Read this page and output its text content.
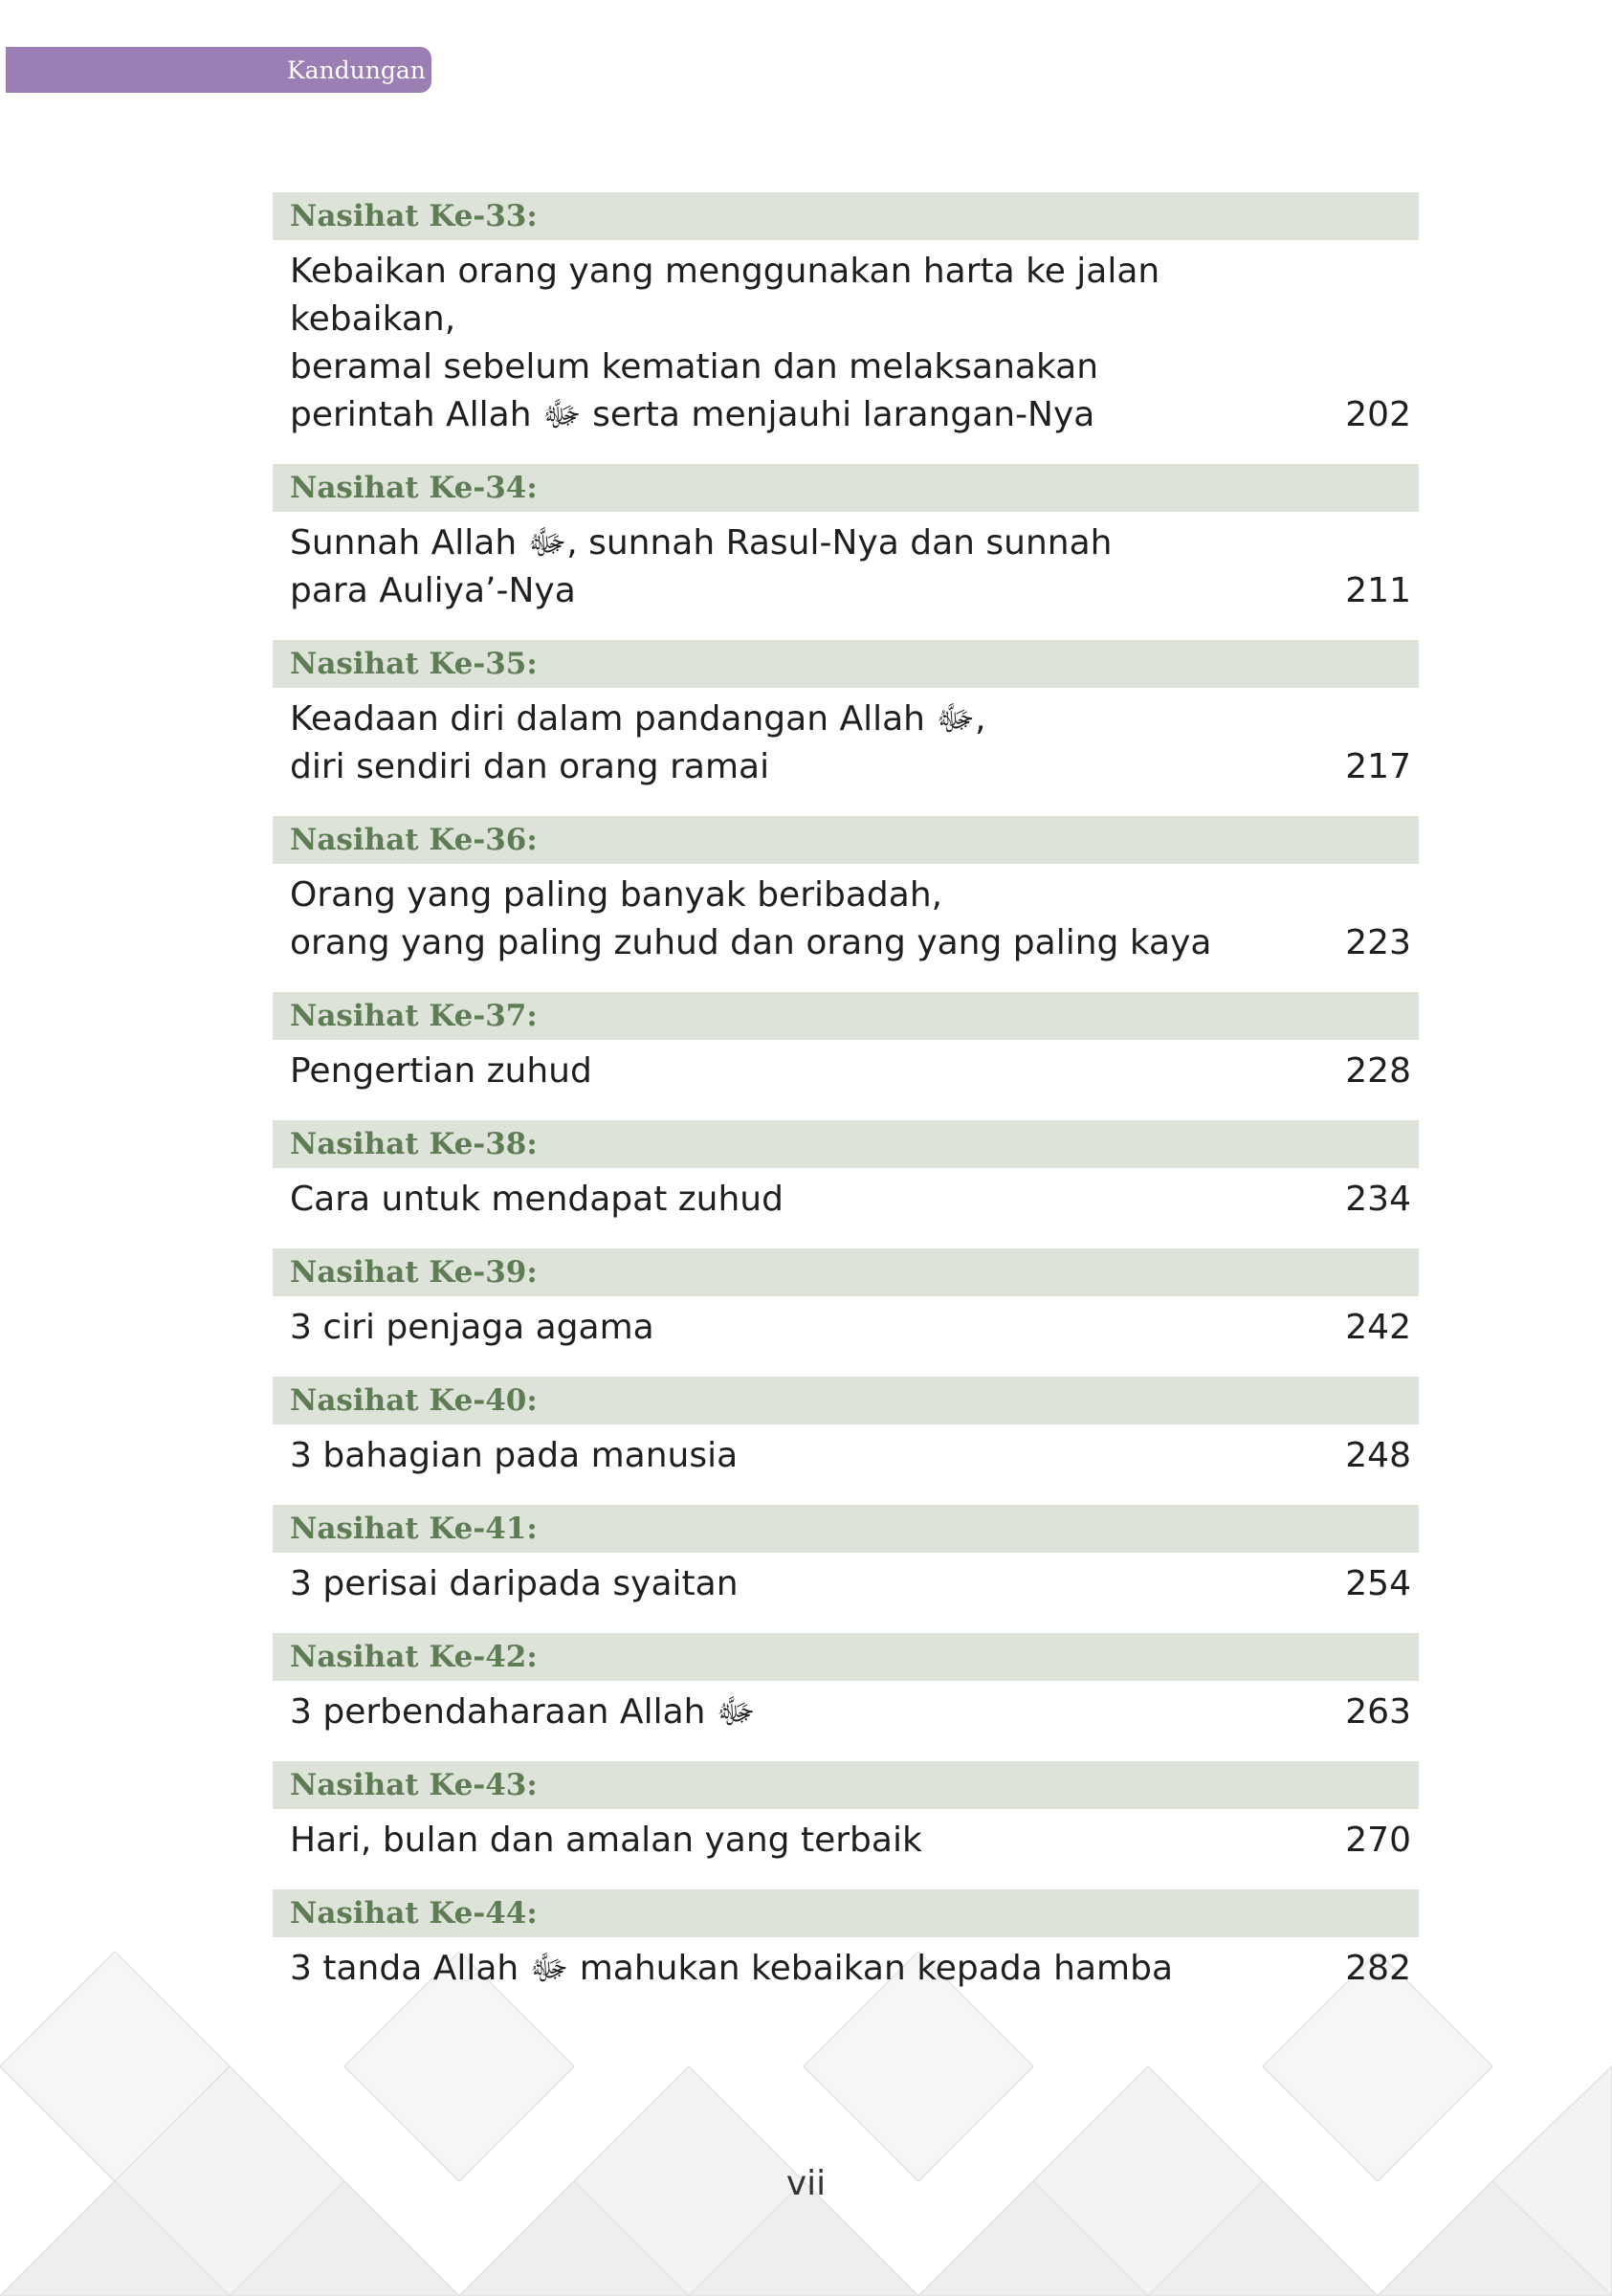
Kandungan
Nasihat Ke-33:
Kebaikan orang yang menggunakan harta ke jalan kebaikan,
beramal sebelum kematian dan melaksanakan
perintah Allah ﷻ serta menjauhi larangan-Nya	202
Nasihat Ke-34:
Sunnah Allah ﷻ, sunnah Rasul-Nya dan sunnah
para Auliya’-Nya	211
Nasihat Ke-35:
Keadaan diri dalam pandangan Allah ﷻ,
diri sendiri dan orang ramai	217
Nasihat Ke-36:
Orang yang paling banyak beribadah,
orang yang paling zuhud dan orang yang paling kaya	223
Nasihat Ke-37:
Pengertian zuhud	228
Nasihat Ke-38:
Cara untuk mendapat zuhud	234
Nasihat Ke-39:
3 ciri penjaga agama	242
Nasihat Ke-40:
3 bahagian pada manusia	248
Nasihat Ke-41:
3 perisai daripada syaitan	254
Nasihat Ke-42:
3 perbendaharaan Allah ﷻ	263
Nasihat Ke-43:
Hari, bulan dan amalan yang terbaik	270
Nasihat Ke-44:
3 tanda Allah ﷻ mahukan kebaikan kepada hamba	282
vii
